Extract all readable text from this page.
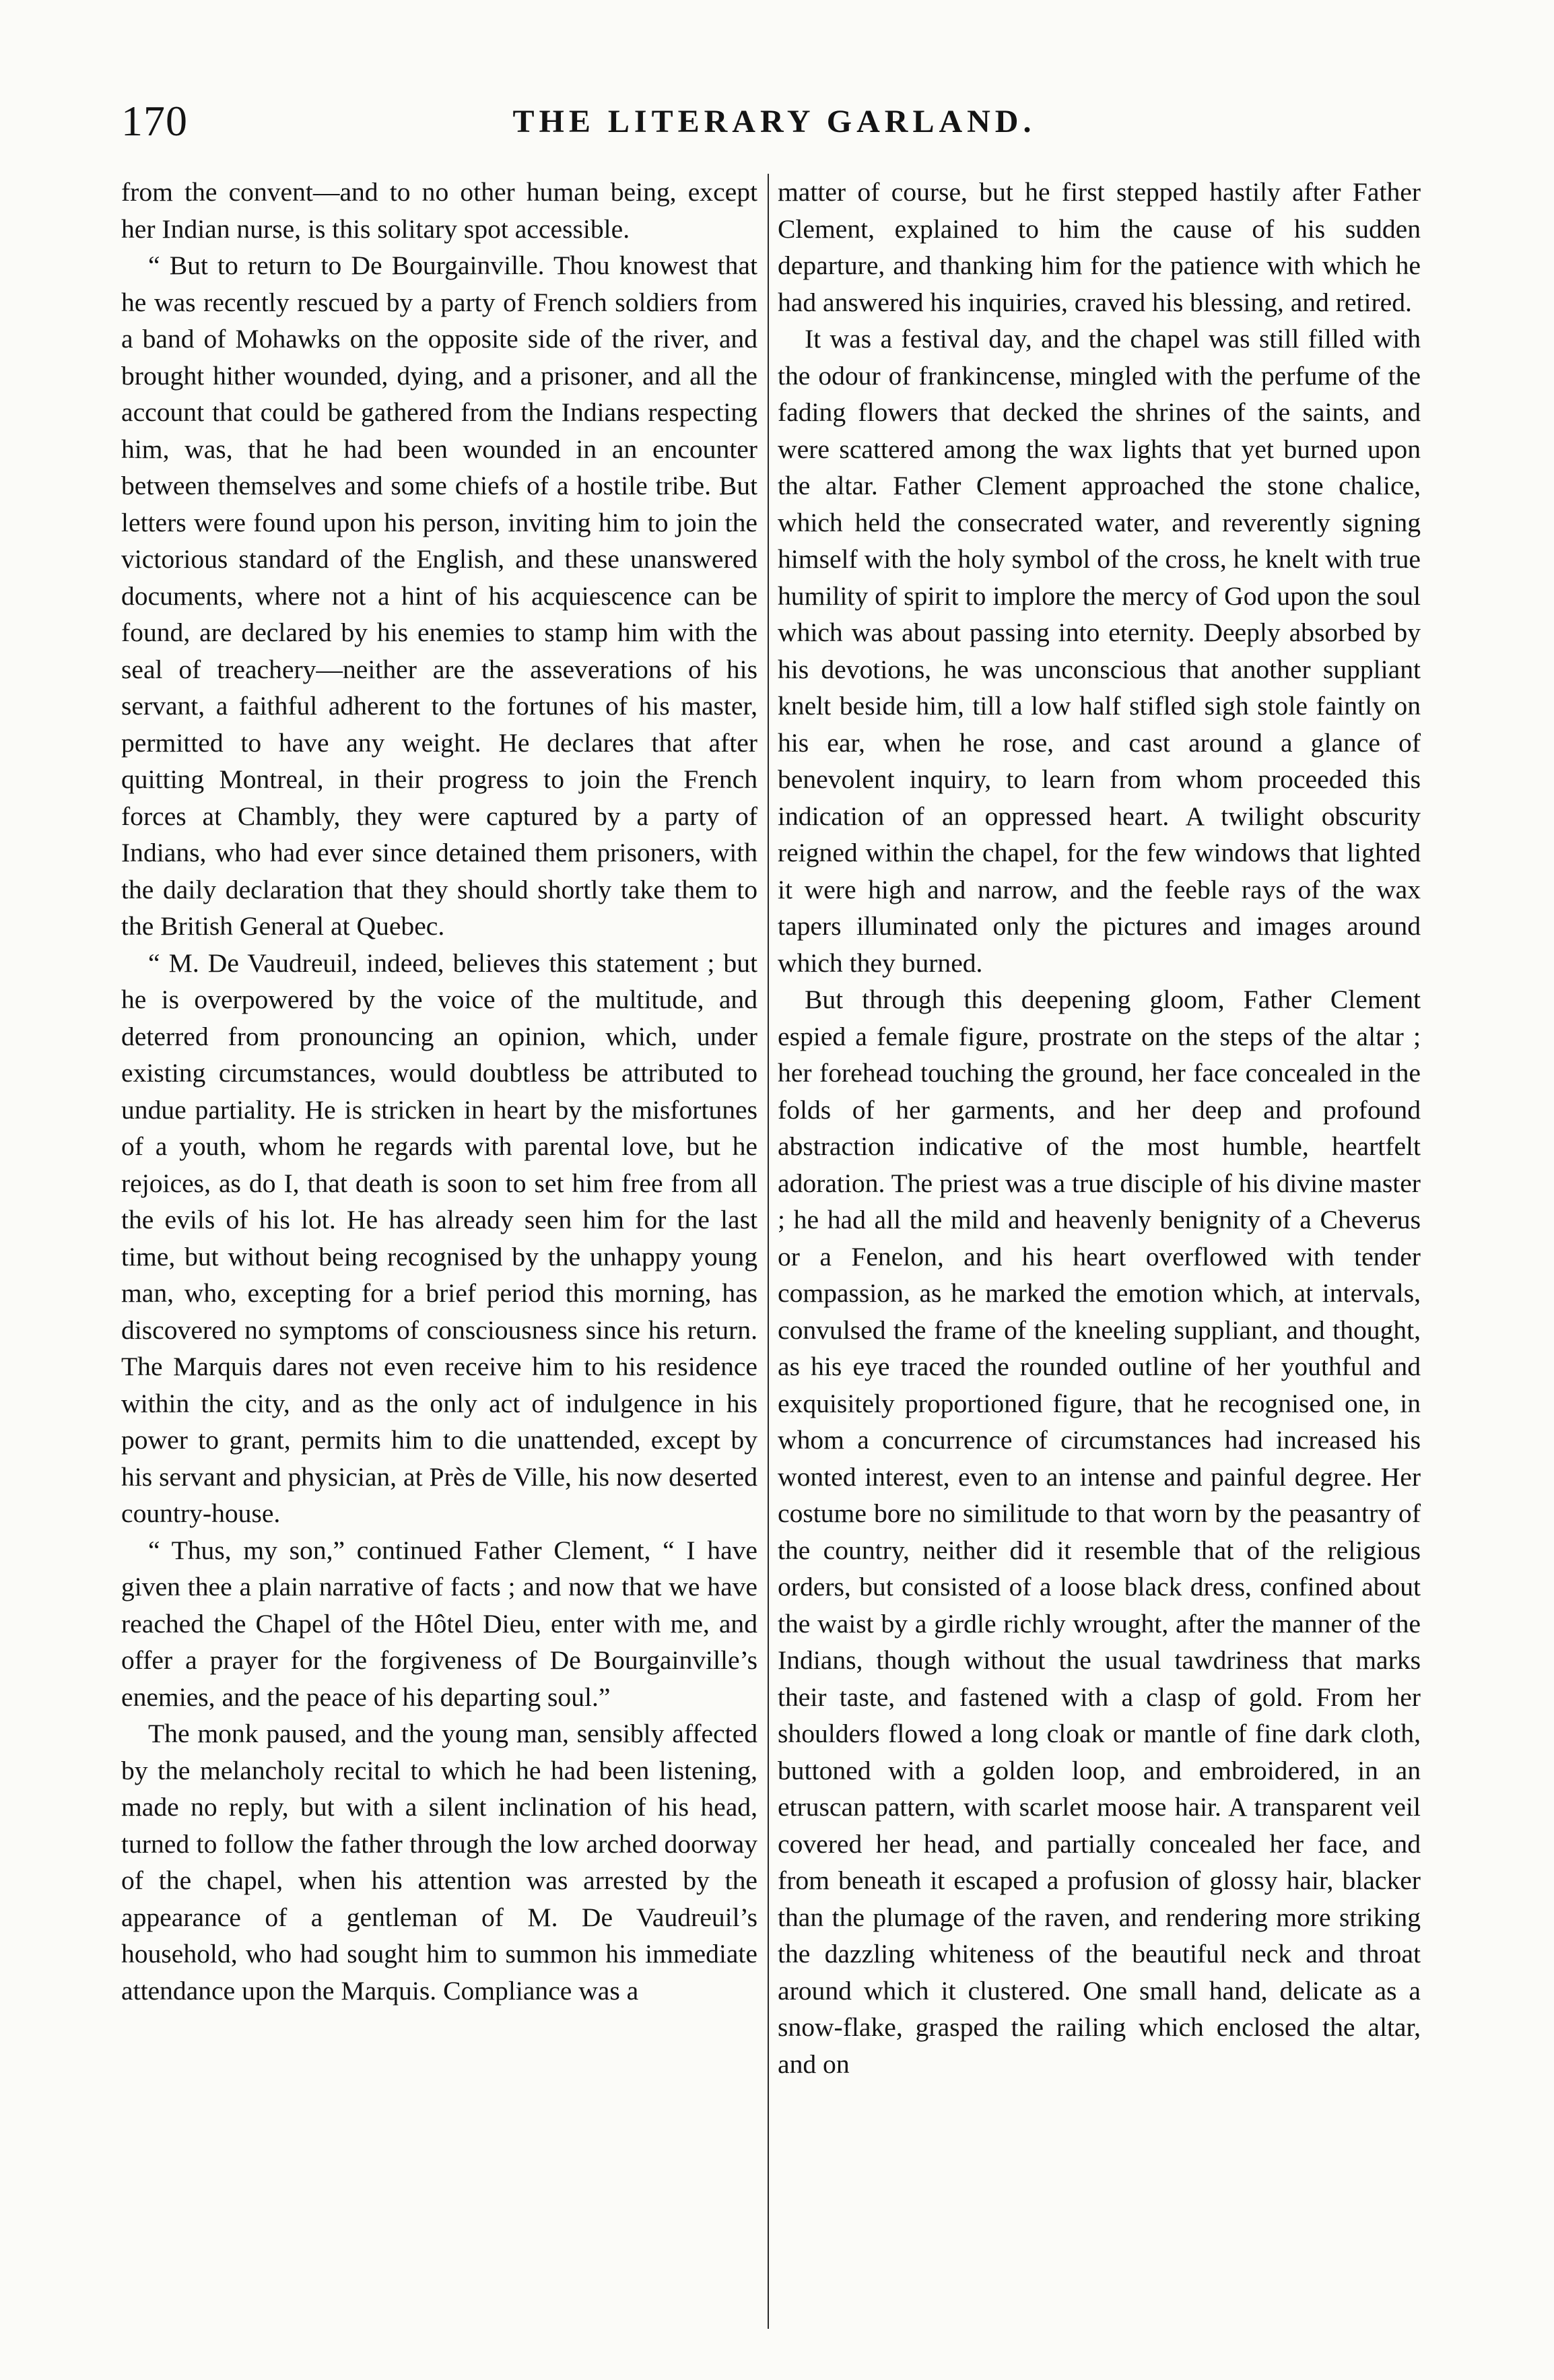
170	THE LITERARY GARLAND.

from the convent—and to no other human being, except her Indian nurse, is this solitary spot accessible.

“ But to return to De Bourgainville. Thou knowest that he was recently rescued by a party of French soldiers from a band of Mohawks on the opposite side of the river, and brought hither wounded, dying, and a prisoner, and all the account that could be gathered from the Indians respecting him, was, that he had been wounded in an encounter between themselves and some chiefs of a hostile tribe. But letters were found upon his person, inviting him to join the victorious standard of the English, and these unanswered documents, where not a hint of his acquiescence can be found, are declared by his enemies to stamp him with the seal of treachery—neither are the asseverations of his servant, a faithful adherent to the fortunes of his master, permitted to have any weight. He declares that after quitting Montreal, in their progress to join the French forces at Chambly, they were captured by a party of Indians, who had ever since detained them prisoners, with the daily declaration that they should shortly take them to the British General at Quebec.

“ M. De Vaudreuil, indeed, believes this statement ; but he is overpowered by the voice of the multitude, and deterred from pronouncing an opinion, which, under existing circumstances, would doubtless be attributed to undue partiality. He is stricken in heart by the misfortunes of a youth, whom he regards with parental love, but he rejoices, as do I, that death is soon to set him free from all the evils of his lot. He has already seen him for the last time, but without being recognised by the unhappy young man, who, excepting for a brief period this morning, has discovered no symptoms of consciousness since his return. The Marquis dares not even receive him to his residence within the city, and as the only act of indulgence in his power to grant, permits him to die unattended, except by his servant and physician, at Près de Ville, his now deserted country-house.

“ Thus, my son,” continued Father Clement, “ I have given thee a plain narrative of facts ; and now that we have reached the Chapel of the Hôtel Dieu, enter with me, and offer a prayer for the forgiveness of De Bourgainville’s enemies, and the peace of his departing soul.”

The monk paused, and the young man, sensibly affected by the melancholy recital to which he had been listening, made no reply, but with a silent inclination of his head, turned to follow the father through the low arched doorway of the chapel, when his attention was arrested by the appearance of a gentleman of M. De Vaudreuil’s household, who had sought him to summon his immediate attendance upon the Marquis. Compliance was a

matter of course, but he first stepped hastily after Father Clement, explained to him the cause of his sudden departure, and thanking him for the patience with which he had answered his inquiries, craved his blessing, and retired.

It was a festival day, and the chapel was still filled with the odour of frankincense, mingled with the perfume of the fading flowers that decked the shrines of the saints, and were scattered among the wax lights that yet burned upon the altar. Father Clement approached the stone chalice, which held the consecrated water, and reverently signing himself with the holy symbol of the cross, he knelt with true humility of spirit to implore the mercy of God upon the soul which was about passing into eternity. Deeply absorbed by his devotions, he was unconscious that another suppliant knelt beside him, till a low half stifled sigh stole faintly on his ear, when he rose, and cast around a glance of benevolent inquiry, to learn from whom proceeded this indication of an oppressed heart. A twilight obscurity reigned within the chapel, for the few windows that lighted it were high and narrow, and the feeble rays of the wax tapers illuminated only the pictures and images around which they burned.

But through this deepening gloom, Father Clement espied a female figure, prostrate on the steps of the altar ; her forehead touching the ground, her face concealed in the folds of her garments, and her deep and profound abstraction indicative of the most humble, heartfelt adoration. The priest was a true disciple of his divine master ; he had all the mild and heavenly benignity of a Cheverus or a Fenelon, and his heart overflowed with tender compassion, as he marked the emotion which, at intervals, convulsed the frame of the kneeling suppliant, and thought, as his eye traced the rounded outline of her youthful and exquisitely proportioned figure, that he recognised one, in whom a concurrence of circumstances had increased his wonted interest, even to an intense and painful degree. Her costume bore no similitude to that worn by the peasantry of the country, neither did it resemble that of the religious orders, but consisted of a loose black dress, confined about the waist by a girdle richly wrought, after the manner of the Indians, though without the usual tawdriness that marks their taste, and fastened with a clasp of gold. From her shoulders flowed a long cloak or mantle of fine dark cloth, buttoned with a golden loop, and embroidered, in an etruscan pattern, with scarlet moose hair. A transparent veil covered her head, and partially concealed her face, and from beneath it escaped a profusion of glossy hair, blacker than the plumage of the raven, and rendering more striking the dazzling whiteness of the beautiful neck and throat around which it clustered. One small hand, delicate as a snow-flake, grasped the railing which enclosed the altar, and on
